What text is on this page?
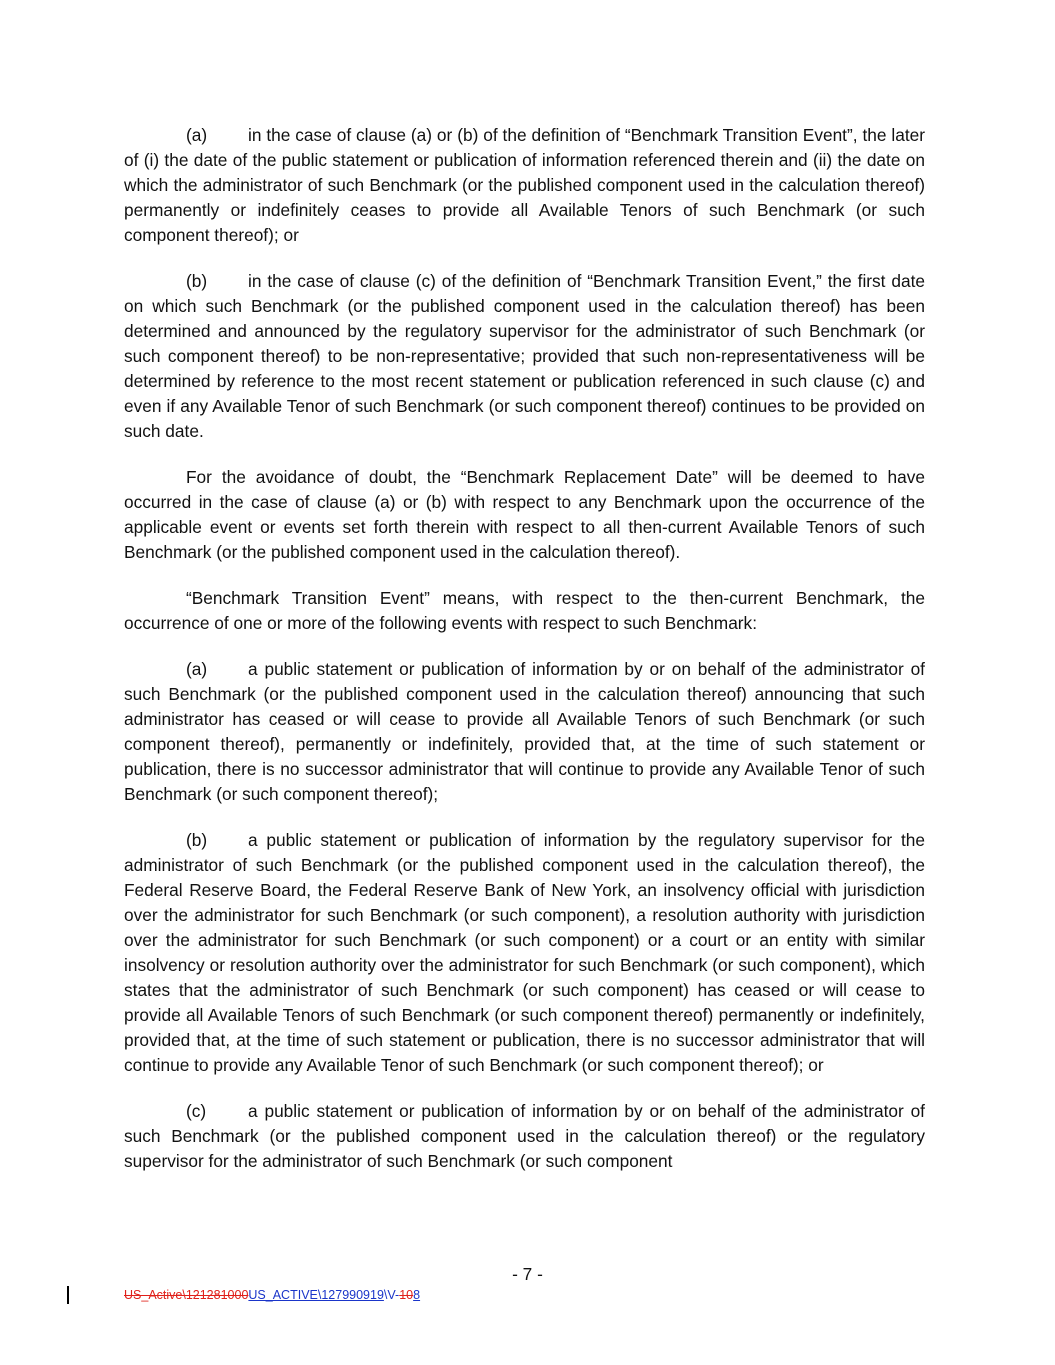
(a) in the case of clause (a) or (b) of the definition of “Benchmark Transition Event”, the later of (i) the date of the public statement or publication of information referenced therein and (ii) the date on which the administrator of such Benchmark (or the published component used in the calculation thereof) permanently or indefinitely ceases to provide all Available Tenors of such Benchmark (or such component thereof); or

(b) in the case of clause (c) of the definition of “Benchmark Transition Event,” the first date on which such Benchmark (or the published component used in the calculation thereof) has been determined and announced by the regulatory supervisor for the administrator of such Benchmark (or such component thereof) to be non-representative; provided that such non-representativeness will be determined by reference to the most recent statement or publication referenced in such clause (c) and even if any Available Tenor of such Benchmark (or such component thereof) continues to be provided on such date.

For the avoidance of doubt, the “Benchmark Replacement Date” will be deemed to have occurred in the case of clause (a) or (b) with respect to any Benchmark upon the occurrence of the applicable event or events set forth therein with respect to all then-current Available Tenors of such Benchmark (or the published component used in the calculation thereof).

“Benchmark Transition Event” means, with respect to the then-current Benchmark, the occurrence of one or more of the following events with respect to such Benchmark:

(a) a public statement or publication of information by or on behalf of the administrator of such Benchmark (or the published component used in the calculation thereof) announcing that such administrator has ceased or will cease to provide all Available Tenors of such Benchmark (or such component thereof), permanently or indefinitely, provided that, at the time of such statement or publication, there is no successor administrator that will continue to provide any Available Tenor of such Benchmark (or such component thereof);

(b) a public statement or publication of information by the regulatory supervisor for the administrator of such Benchmark (or the published component used in the calculation thereof), the Federal Reserve Board, the Federal Reserve Bank of New York, an insolvency official with jurisdiction over the administrator for such Benchmark (or such component), a resolution authority with jurisdiction over the administrator for such Benchmark (or such component) or a court or an entity with similar insolvency or resolution authority over the administrator for such Benchmark (or such component), which states that the administrator of such Benchmark (or such component) has ceased or will cease to provide all Available Tenors of such Benchmark (or such component thereof) permanently or indefinitely, provided that, at the time of such statement or publication, there is no successor administrator that will continue to provide any Available Tenor of such Benchmark (or such component thereof); or

(c) a public statement or publication of information by or on behalf of the administrator of such Benchmark (or the published component used in the calculation thereof) or the regulatory supervisor for the administrator of such Benchmark (or such component

- 7 -
US_Active\121281000US_ACTIVE\127990919\V-108
